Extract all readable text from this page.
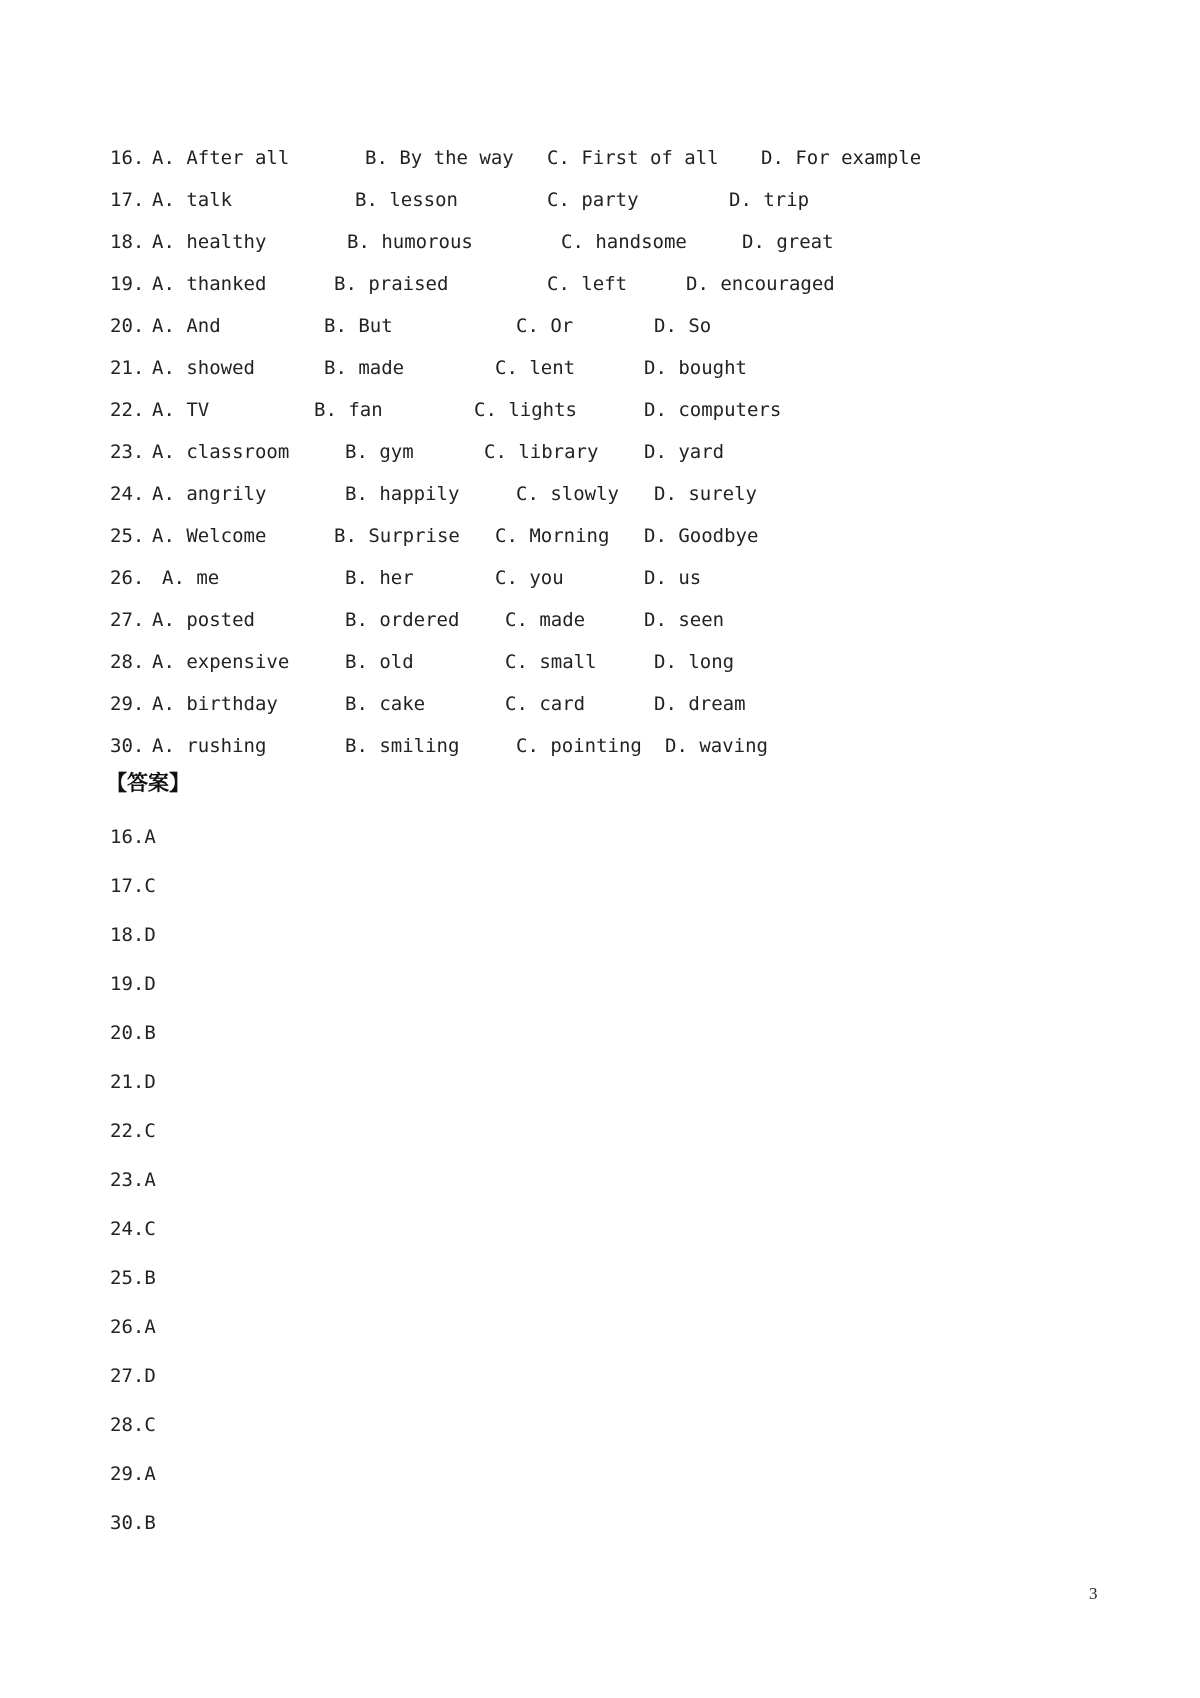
16.

A. After all

	B. By the way

C. First of all

D. For example

17.

A. talk

	B. lesson

	C. party

	D. trip

18.

A. healthy

	B. humorous

	C. handsome

	D. great

19.

A. thanked

	B. praised

	C. left

	D. encouraged

20.

A. And

	B. But

	C. Or

	D. So

21.

A. showed

	B. made

	C. lent

	D. bought

22.

A. TV

	B. fan

	C. lights

	D. computers

23.

A. classroom

	B. gym

	C. library

D. yard

24.

A. angrily

	B. happily

	C. slowly

D. surely

25.

A. Welcome

	B. Surprise

C. Morning

D. Goodbye

26.

A. me

	B. her

	C. you

	D. us

27.

A. posted

	B. ordered

C. made

	D. seen

28.

A. expensive

	B. old

	C. small

	D. long

29.

A. birthday

	B. cake

	C. card

	D. dream

30.

A. rushing

	B. smiling

	C. pointing

D. waving

【答案】
16.A
17.C
18.D
19.D
20.B
21.D
22.C
23.A
24.C
25.B
26.A
27.D
28.C
29.A
30.B
3
